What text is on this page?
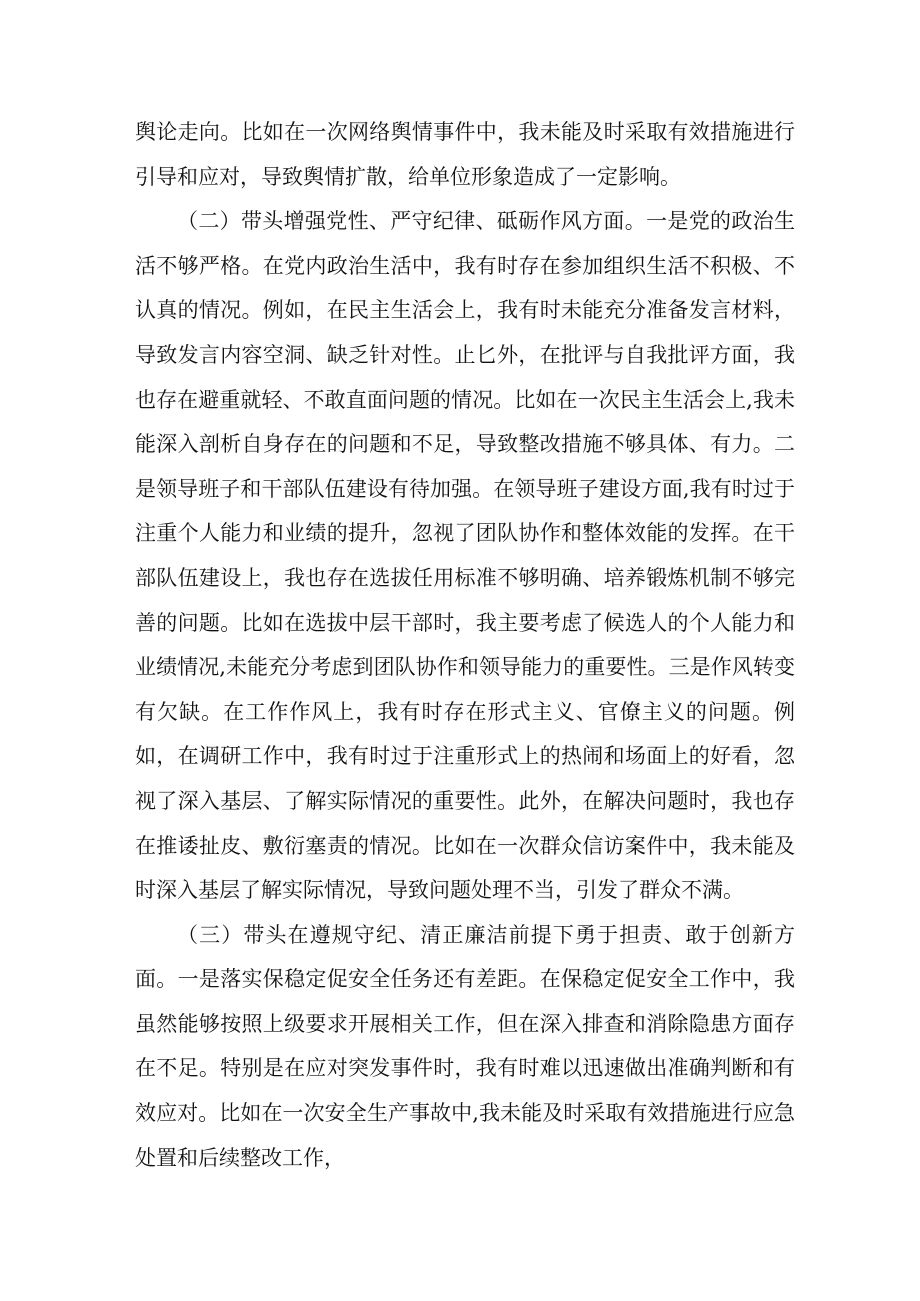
舆论走向。比如在一次网络舆情事件中，我未能及时采取有效措施进行引导和应对，导致舆情扩散，给单位形象造成了一定影响。

（二）带头增强党性、严守纪律、砥砺作风方面。一是党的政治生活不够严格。在党内政治生活中，我有时存在参加组织生活不积极、不认真的情况。例如，在民主生活会上，我有时未能充分准备发言材料，导致发言内容空洞、缺乏针对性。止匕外，在批评与自我批评方面，我也存在避重就轻、不敢直面问题的情况。比如在一次民主生活会上,我未能深入剖析自身存在的问题和不足，导致整改措施不够具体、有力。二是领导班子和干部队伍建设有待加强。在领导班子建设方面,我有时过于注重个人能力和业绩的提升，忽视了团队协作和整体效能的发挥。在干部队伍建设上，我也存在选拔任用标准不够明确、培养锻炼机制不够完善的问题。比如在选拔中层干部时，我主要考虑了候选人的个人能力和业绩情况,未能充分考虑到团队协作和领导能力的重要性。三是作风转变有欠缺。在工作作风上，我有时存在形式主义、官僚主义的问题。例如，在调研工作中，我有时过于注重形式上的热闹和场面上的好看，忽视了深入基层、了解实际情况的重要性。此外，在解决问题时，我也存在推诿扯皮、敷衍塞责的情况。比如在一次群众信访案件中，我未能及时深入基层了解实际情况，导致问题处理不当，引发了群众不满。

（三）带头在遵规守纪、清正廉洁前提下勇于担责、敢于创新方面。一是落实保稳定促安全任务还有差距。在保稳定促安全工作中，我虽然能够按照上级要求开展相关工作，但在深入排查和消除隐患方面存在不足。特别是在应对突发事件时，我有时难以迅速做出准确判断和有效应对。比如在一次安全生产事故中,我未能及时采取有效措施进行应急处置和后续整改工作，
